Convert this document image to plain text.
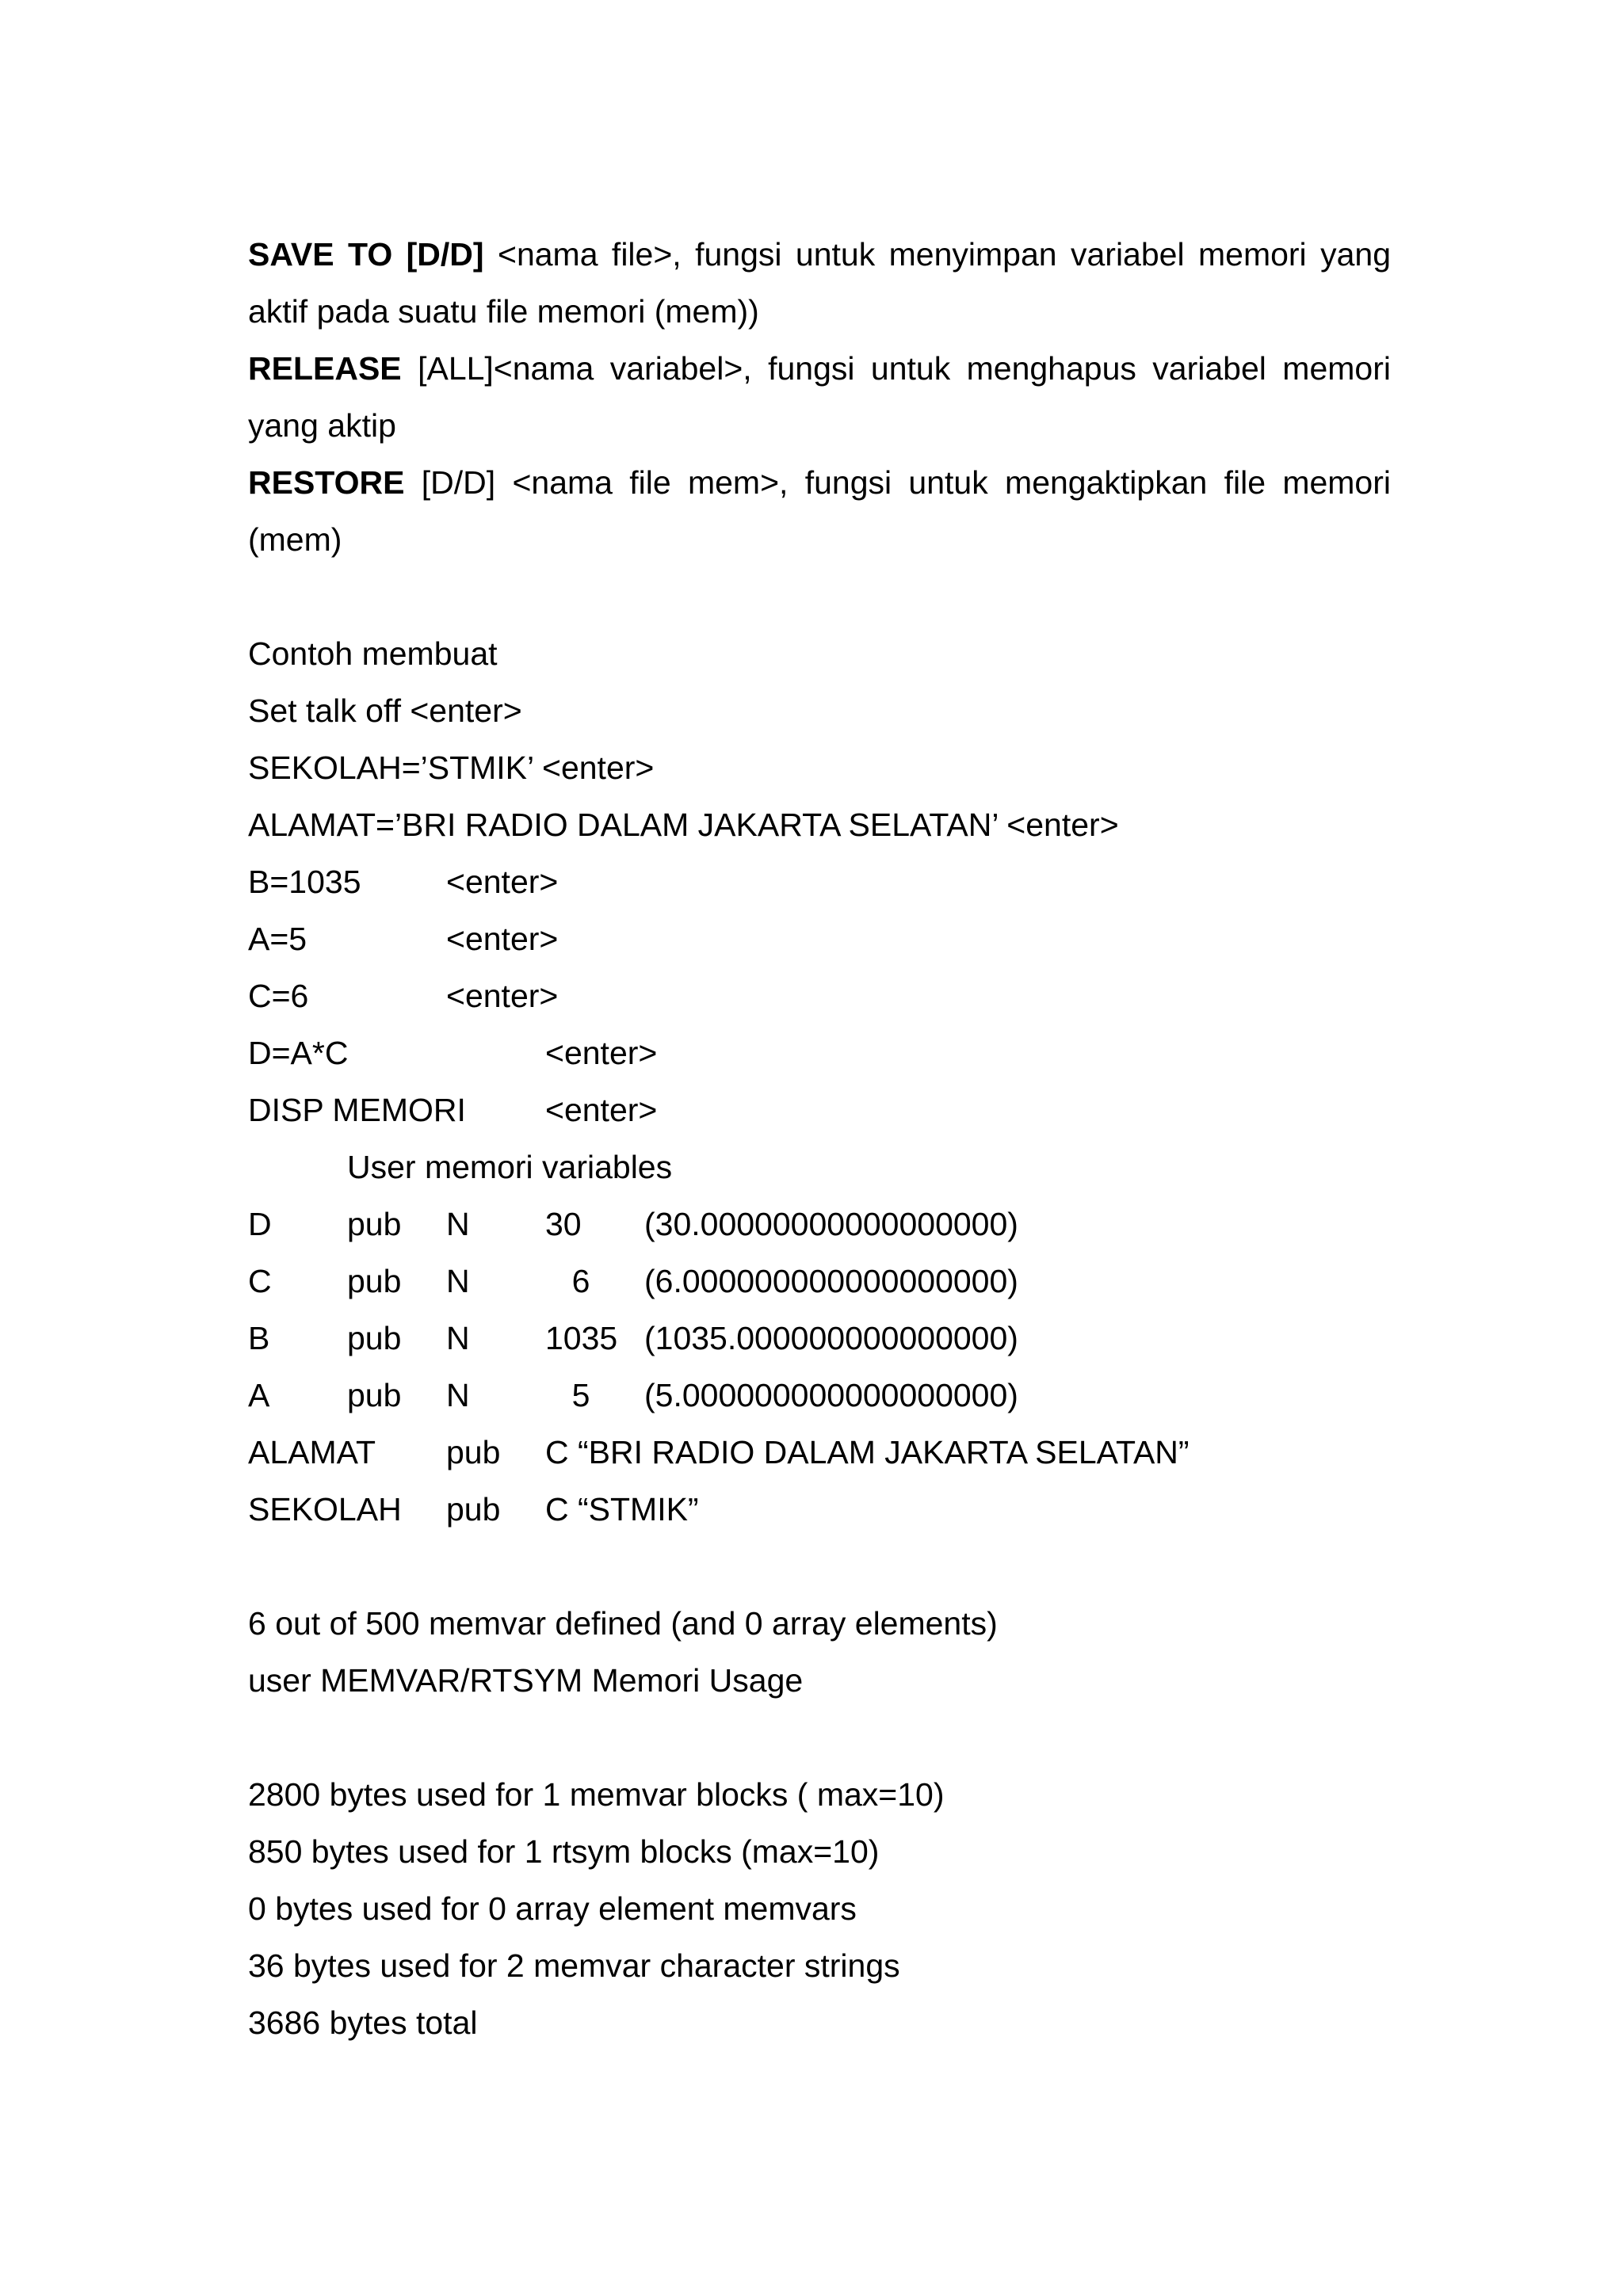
SAVE TO [D/D] <nama file>, fungsi untuk menyimpan variabel memori yang
aktif pada suatu file memori (mem))
RELEASE [ALL]<nama variabel>, fungsi untuk menghapus variabel memori
yang aktip
RESTORE [D/D] <nama file mem>, fungsi untuk mengaktipkan file memori
(mem)
Contoh membuat
Set talk off <enter>
SEKOLAH=’STMIK’ <enter>
ALAMAT=’BRI RADIO DALAM JAKARTA SELATAN’ <enter>
B=1035	<enter>
A=5	<enter>
C=6	<enter>
D=A*C	<enter>
DISP MEMORI <enter>
User memori variables
D pub N 30 (30.00000000000000000)
C pub N	6	(6.000000000000000000)
B pub N 1035 (1035.000000000000000)
A pub N	5	(5.000000000000000000)
ALAMAT pub C “BRI RADIO DALAM JAKARTA SELATAN”
SEKOLAH pub C “STMIK”
6 out of 500 memvar defined (and 0 array elements)
user MEMVAR/RTSYM Memori Usage
2800 bytes used for 1 memvar blocks ( max=10)
850 bytes used for 1 rtsym blocks (max=10)
0 bytes used for 0 array element memvars
36 bytes used for 2 memvar character strings
3686 bytes total
